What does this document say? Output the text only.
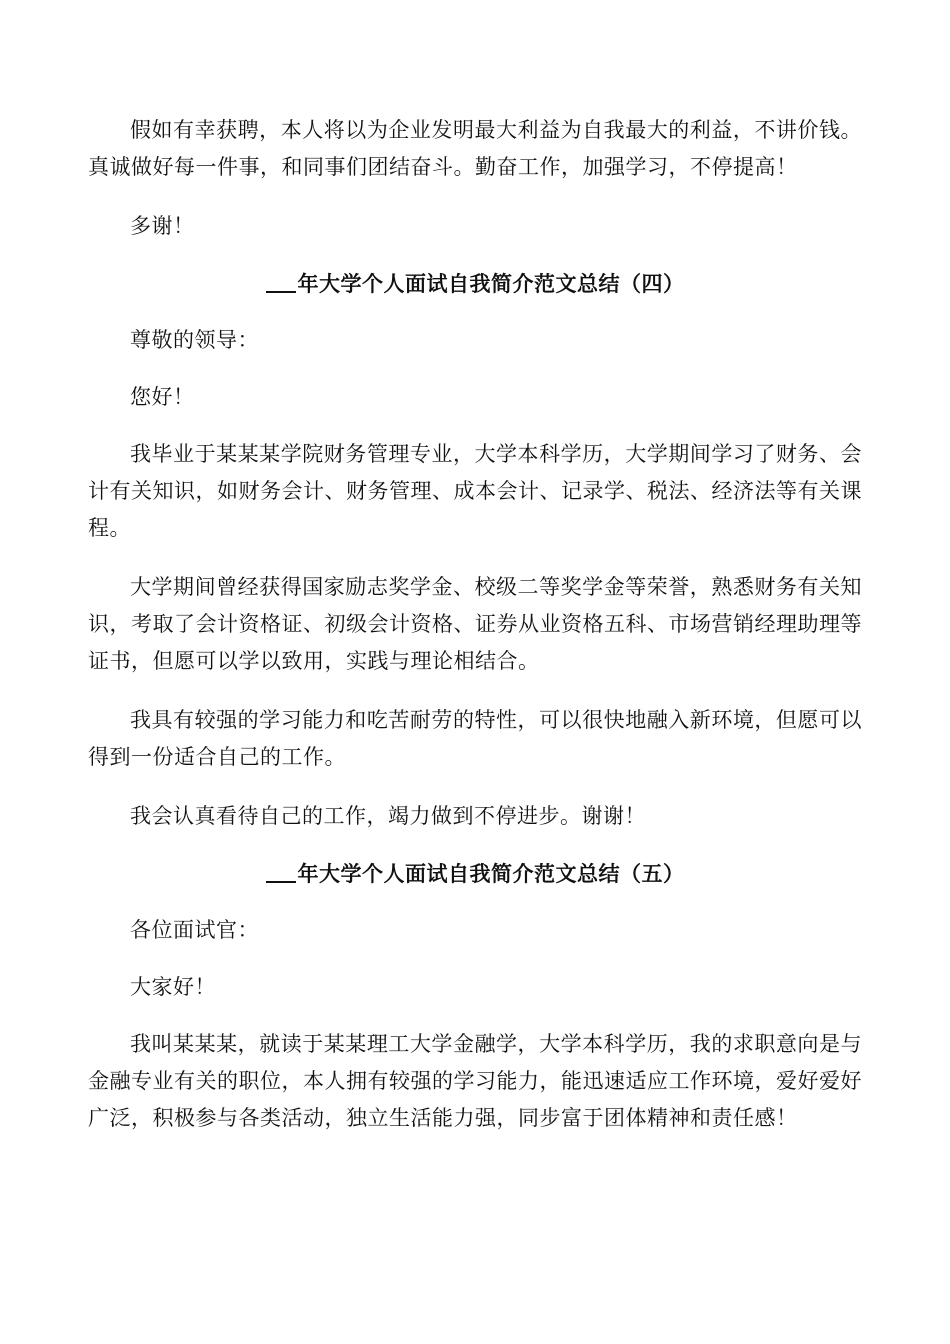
假如有幸获聘，本人将以为企业发明最大利益为自我最大的利益，不讲价钱。真诚做好每一件事，和同事们团结奋斗。勤奋工作，加强学习，不停提高！

多谢！

年大学个人面试自我简介范文总结（四）

尊敬的领导：

您好！

我毕业于某某某学院财务管理专业，大学本科学历，大学期间学习了财务、会计有关知识，如财务会计、财务管理、成本会计、记录学、税法、经济法等有关课程。

大学期间曾经获得国家励志奖学金、校级二等奖学金等荣誉，熟悉财务有关知识，考取了会计资格证、初级会计资格、证券从业资格五科、市场营销经理助理等证书，但愿可以学以致用，实践与理论相结合。

我具有较强的学习能力和吃苦耐劳的特性，可以很快地融入新环境，但愿可以得到一份适合自己的工作。

我会认真看待自己的工作，竭力做到不停进步。谢谢！

年大学个人面试自我简介范文总结（五）

各位面试官：

大家好！

我叫某某某，就读于某某理工大学金融学，大学本科学历，我的求职意向是与金融专业有关的职位，本人拥有较强的学习能力，能迅速适应工作环境，爱好爱好广泛，积极参与各类活动，独立生活能力强，同步富于团体精神和责任感！
